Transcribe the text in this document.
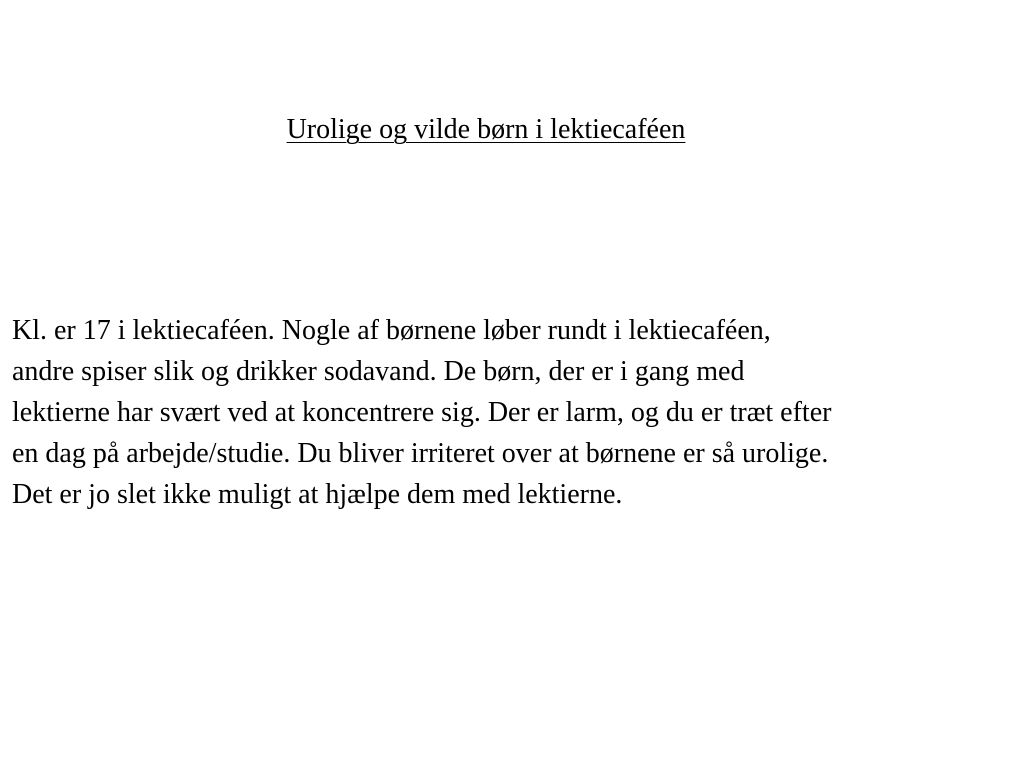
Urolige og vilde børn i lektiecaféen

Kl. er 17 i lektiecaféen. Nogle af børnene løber rundt i lektiecaféen,
andre spiser slik og drikker sodavand. De børn, der er i gang med
lektierne har svært ved at koncentrere sig. Der er larm, og du er træt efter
en dag på arbejde/studie. Du bliver irriteret over at børnene er så urolige.
Det er jo slet ikke muligt at hjælpe dem med lektierne.
